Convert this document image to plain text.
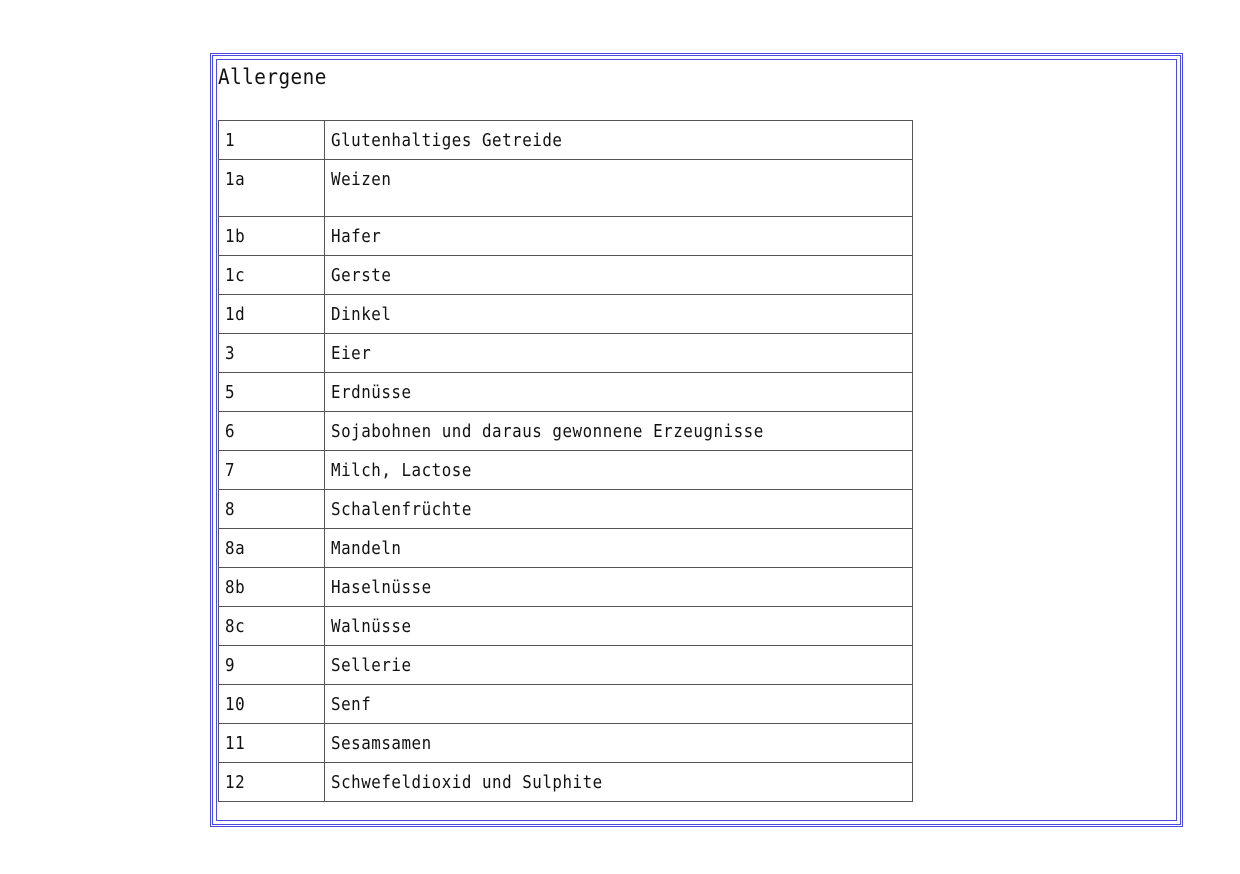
Allergene
1	Glutenhaltiges Getreide
1a	Weizen
1b	Hafer
1c	Gerste
1d	Dinkel
3	Eier
5	Erdnüsse
6	Sojabohnen und daraus gewonnene Erzeugnisse
7	Milch, Lactose
8	Schalenfrüchte
8a	Mandeln
8b	Haselnüsse
8c	Walnüsse
9	Sellerie
10	Senf
11	Sesamsamen
12	Schwefeldioxid und Sulphite
